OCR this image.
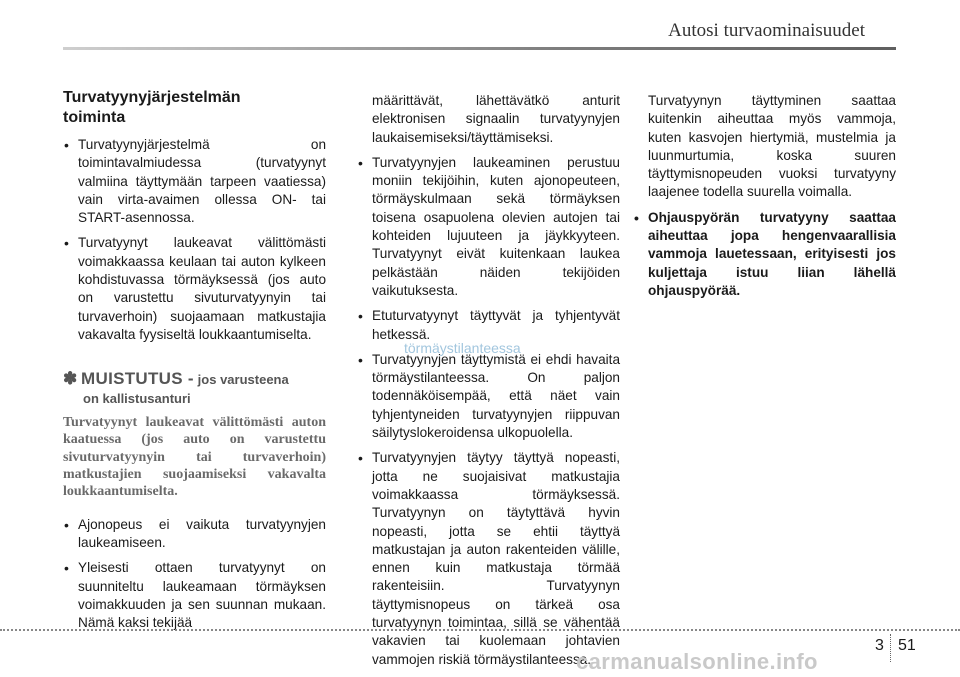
Autosi turvaominaisuudet
Turvatyynyjärjestelmän
toiminta
• Turvatyynyjärjestelmä on toimintavalmiudessa (turvatyynyt valmiina täyttymään tarpeen vaatiessa) vain virta-avaimen ollessa ON- tai START-asennossa.
• Turvatyynyt laukeavat välittömästi voimakkaassa keulaan tai auton kylkeen kohdistuvassa törmäyksessä (jos auto on varustettu sivuturvatyynyin tai turvaverhoin) suojaamaan matkustajia vakavalta fyysiseltä loukkaantumiselta.
✽ MUISTUTUS - jos varusteena
on kallistusanturi
Turvatyynyt laukeavat välittömästi auton kaatuessa (jos auto on varustettu sivuturvatyynyin tai turvaverhoin) matkustajien suojaamiseksi vakavalta loukkaantumiselta.
• Ajonopeus ei vaikuta turvatyynyjen laukeamiseen.
• Yleisesti ottaen turvatyynyt on suunniteltu laukeamaan törmäyksen voimakkuuden ja sen suunnan mukaan. Nämä kaksi tekijää
määrittävät, lähettävätkö anturit elektronisen signaalin turvatyynyjen laukaisemiseksi/täyttämiseksi.
• Turvatyynyjen laukeaminen perustuu moniin tekijöihin, kuten ajonopeuteen, törmäyskulmaan sekä törmäyksen toisena osapuolena olevien autojen tai kohteiden lujuuteen ja jäykkyyteen. Turvatyynyt eivät kuitenkaan laukea pelkästään näiden tekijöiden vaikutuksesta.
• Etuturvatyynyt täyttyvät ja tyhjentyvät hetkessä.
• Turvatyynyjen täyttymistä ei ehdi havaita törmäystilanteessa. On paljon todennäköisempää, että näet vain tyhjentyneiden turvatyynyjen riippuvan säilytyslokeroidensa ulkopuolella.
• Turvatyynyjen täytyy täyttyä nopeasti, jotta ne suojaisivat matkustajia voimakkaassa törmäyksessä. Turvatyynyn on täytyttävä hyvin nopeasti, jotta se ehtii täyttyä matkustajan ja auton rakenteiden välille, ennen kuin matkustaja törmää rakenteisiin. Turvatyynyn täyttymisnopeus on tärkeä osa turvatyynyn toimintaa, sillä se vähentää vakavien tai kuolemaan johtavien vammojen riskiä törmäystilanteessa.
Turvatyynyn täyttyminen saattaa kuitenkin aiheuttaa myös vammoja, kuten kasvojen hiertymiä, mustelmia ja luunmurtumia, koska suuren täyttymisnopeuden vuoksi turvatyyny laajenee todella suurella voimalla.
• Ohjauspyörän turvatyyny saattaa aiheuttaa jopa hengenvaarallisia vammoja lauetessaan, erityisesti jos kuljettaja istuu liian lähellä ohjauspyörää.
törmäystilanteessa
3 51
carmanualsonline.info
